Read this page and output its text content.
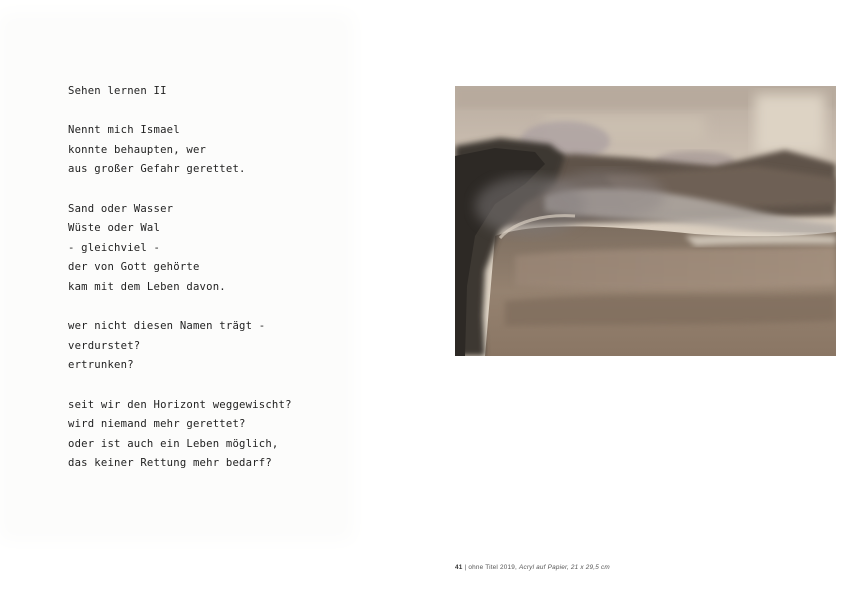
Sehen lernen II
Nennt mich Ismael
konnte behaupten, wer
aus großer Gefahr gerettet.
Sand oder Wasser
Wüste oder Wal
- gleichviel -
der von Gott gehörte
kam mit dem Leben davon.
wer nicht diesen Namen trägt -
verdurstet?
ertrunken?
seit wir den Horizont weggewischt?
wird niemand mehr gerettet?
oder ist auch ein Leben möglich,
das keiner Rettung mehr bedarf?
41 | ohne Titel 2019, Acryl auf Papier, 21 x 29,5 cm
